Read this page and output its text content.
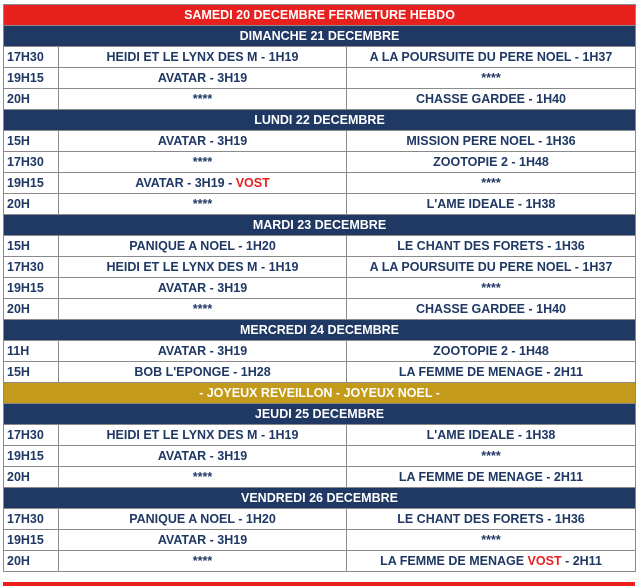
SAMEDI 20 DECEMBRE FERMETURE HEBDO		
DIMANCHE 21 DECEMBRE		
17H30	HEIDI ET LE LYNX DES M - 1H19	A LA POURSUITE DU PERE NOEL - 1H37
19H15	AVATAR - 3H19	****
20H	****	CHASSE GARDEE - 1H40
LUNDI 22 DECEMBRE		
15H	AVATAR - 3H19	MISSION PERE NOEL - 1H36
17H30	****	ZOOTOPIE 2 - 1H48
19H15	AVATAR - 3H19 - VOST	****
20H	****	L'AME IDEALE - 1H38
MARDI 23 DECEMBRE		
15H	PANIQUE A NOEL - 1H20	LE CHANT DES FORETS - 1H36
17H30	HEIDI ET LE LYNX DES M - 1H19	A LA POURSUITE DU PERE NOEL - 1H37
19H15	AVATAR - 3H19	****
20H	****	CHASSE GARDEE - 1H40
MERCREDI 24 DECEMBRE		
11H	AVATAR - 3H19	ZOOTOPIE 2 - 1H48
15H	BOB L'EPONGE - 1H28	LA FEMME DE MENAGE - 2H11
- JOYEUX REVEILLON - JOYEUX NOEL -		
JEUDI 25 DECEMBRE		
17H30	HEIDI ET LE LYNX DES M - 1H19	L'AME IDEALE - 1H38
19H15	AVATAR - 3H19	****
20H	****	LA FEMME DE MENAGE - 2H11
VENDREDI 26 DECEMBRE		
17H30	PANIQUE A NOEL - 1H20	LE CHANT DES FORETS - 1H36
19H15	AVATAR - 3H19	****
20H	****	LA FEMME DE MENAGE VOST - 2H11
